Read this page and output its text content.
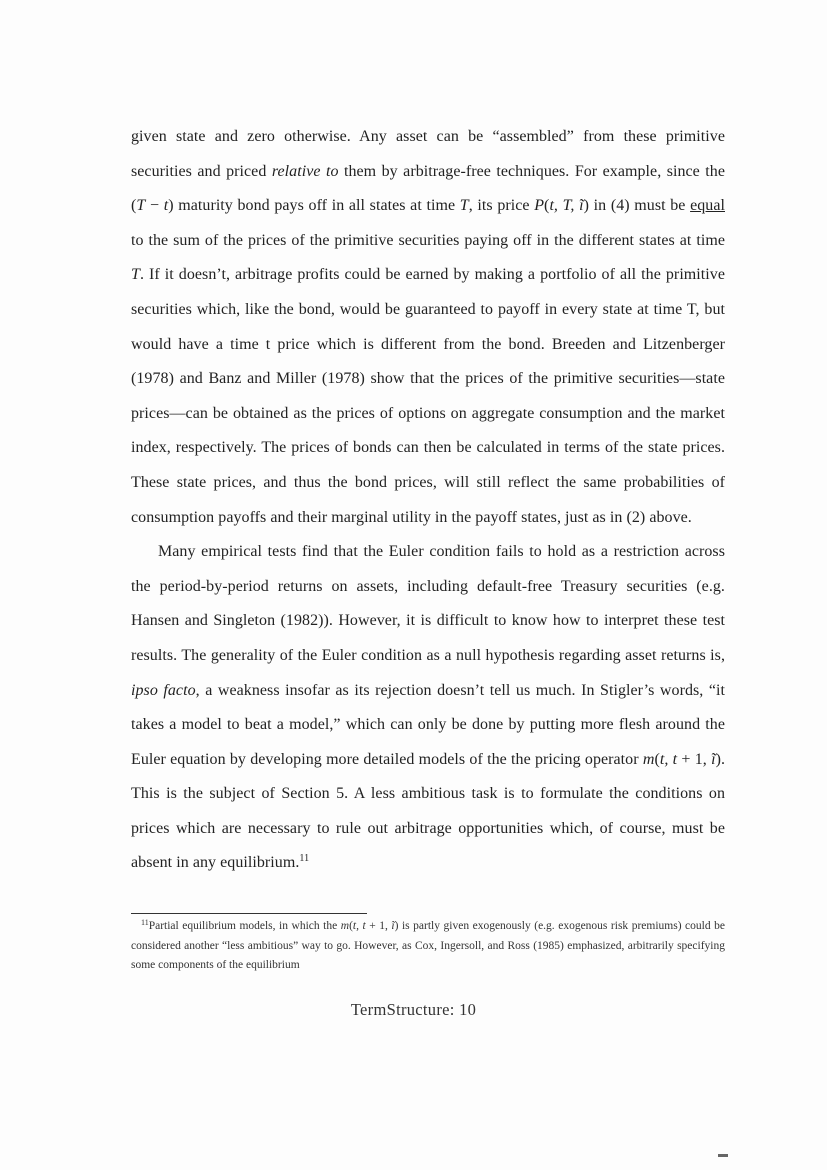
given state and zero otherwise. Any asset can be “assembled” from these primitive securities and priced relative to them by arbitrage-free techniques. For example, since the (T − t) maturity bond pays off in all states at time T, its price P(t, T, ĩ) in (4) must be equal to the sum of the prices of the primitive securities paying off in the different states at time T. If it doesn’t, arbitrage profits could be earned by making a portfolio of all the primitive securities which, like the bond, would be guaranteed to payoff in every state at time T, but would have a time t price which is different from the bond. Breeden and Litzenberger (1978) and Banz and Miller (1978) show that the prices of the primitive securities—state prices—can be obtained as the prices of options on aggregate consumption and the market index, respectively. The prices of bonds can then be calculated in terms of the state prices. These state prices, and thus the bond prices, will still reflect the same probabilities of consumption payoffs and their marginal utility in the payoff states, just as in (2) above.

Many empirical tests find that the Euler condition fails to hold as a restriction across the period-by-period returns on assets, including default-free Treasury securities (e.g. Hansen and Singleton (1982)). However, it is difficult to know how to interpret these test results. The generality of the Euler condition as a null hypothesis regarding asset returns is, ipso facto, a weakness insofar as its rejection doesn’t tell us much. In Stigler’s words, “it takes a model to beat a model,” which can only be done by putting more flesh around the Euler equation by developing more detailed models of the the pricing operator m(t, t + 1, ĩ). This is the subject of Section 5. A less ambitious task is to formulate the conditions on prices which are necessary to rule out arbitrage opportunities which, of course, must be absent in any equilibrium.$^{11}$

$^{11}$Partial equilibrium models, in which the m(t, t + 1, ĩ) is partly given exogenously (e.g. exogenous risk premiums) could be considered another “less ambitious” way to go. However, as Cox, Ingersoll, and Ross (1985) emphasized, arbitrarily specifying some components of the equilibrium

TermStructure: 10
